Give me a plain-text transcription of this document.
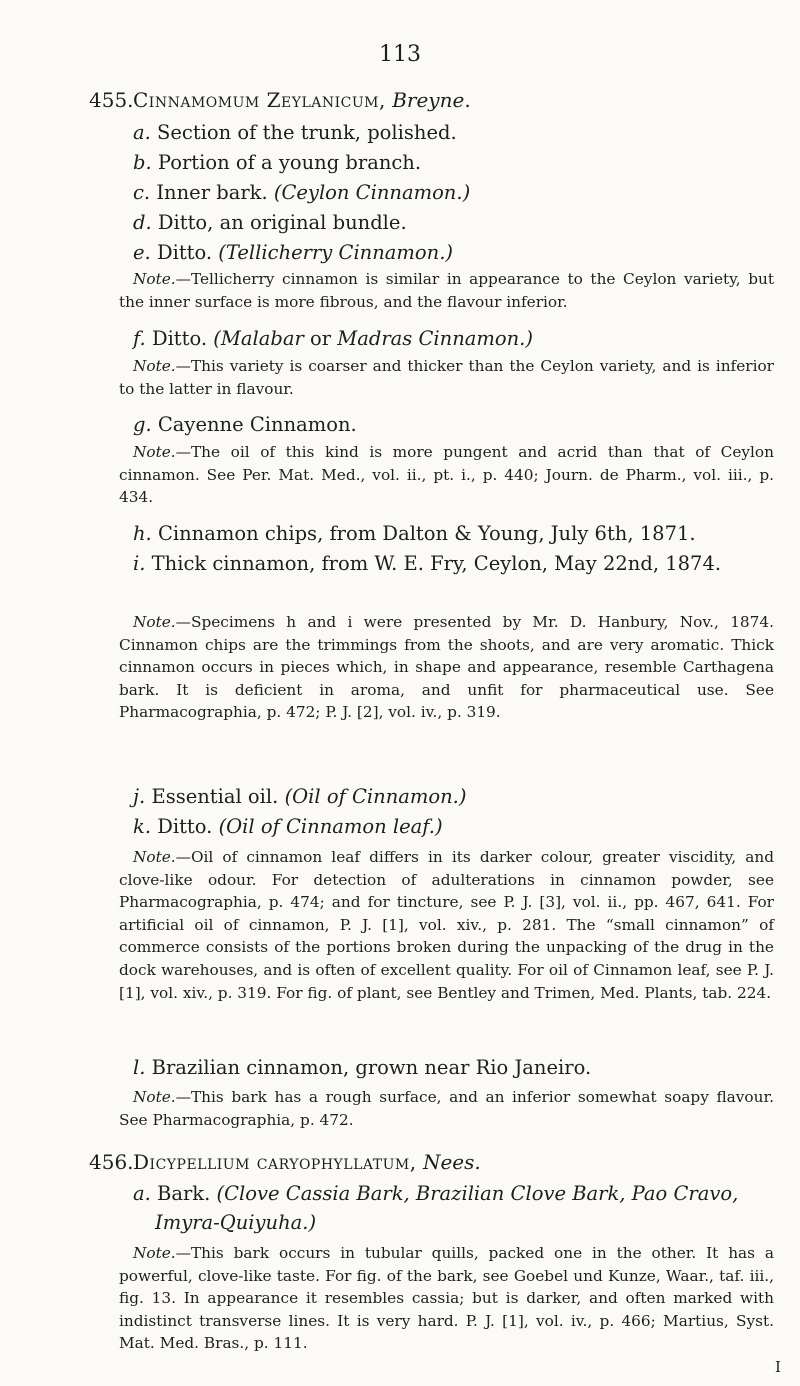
113
455.Cinnamomum Zeylanicum, Breyne.
a. Section of the trunk, polished.
b. Portion of a young branch.
c. Inner bark. (Ceylon Cinnamon.)
d. Ditto, an original bundle.
e. Ditto. (Tellicherry Cinnamon.)
Note.—Tellicherry cinnamon is similar in appearance to the Ceylon variety, but the inner surface is more fibrous, and the flavour inferior.
f. Ditto. (Malabar or Madras Cinnamon.)
Note.—This variety is coarser and thicker than the Ceylon variety, and is inferior to the latter in flavour.
g. Cayenne Cinnamon.
Note.—The oil of this kind is more pungent and acrid than that of Ceylon cinnamon. See Per. Mat. Med., vol. ii., pt. i., p. 440; Journ. de Pharm., vol. iii., p. 434.
h. Cinnamon chips, from Dalton & Young, July 6th, 1871.
i. Thick cinnamon, from W. E. Fry, Ceylon, May 22nd, 1874.
Note.—Specimens h and i were presented by Mr. D. Hanbury, Nov., 1874. Cinnamon chips are the trimmings from the shoots, and are very aromatic. Thick cinnamon occurs in pieces which, in shape and appearance, resemble Carthagena bark. It is deficient in aroma, and unfit for pharmaceutical use. See Pharmacographia, p. 472; P. J. [2], vol. iv., p. 319.
j. Essential oil. (Oil of Cinnamon.)
k. Ditto. (Oil of Cinnamon leaf.)
Note.—Oil of cinnamon leaf differs in its darker colour, greater viscidity, and clove-like odour. For detection of adulterations in cinnamon powder, see Pharmacographia, p. 474; and for tincture, see P. J. [3], vol. ii., pp. 467, 641. For artificial oil of cinnamon, P. J. [1], vol. xiv., p. 281. The “small cinnamon” of commerce consists of the portions broken during the unpacking of the drug in the dock warehouses, and is often of excellent quality. For oil of Cinnamon leaf, see P. J. [1], vol. xiv., p. 319. For fig. of plant, see Bentley and Trimen, Med. Plants, tab. 224.
l. Brazilian cinnamon, grown near Rio Janeiro.
Note.—This bark has a rough surface, and an inferior somewhat soapy flavour. See Pharmacographia, p. 472.
456.Dicypellium caryophyllatum, Nees.
a. Bark. (Clove Cassia Bark, Brazilian Clove Bark, Pao Cravo, Imyra-Quiyuha.)
Note.—This bark occurs in tubular quills, packed one in the other. It has a powerful, clove-like taste. For fig. of the bark, see Goebel und Kunze, Waar., taf. iii., fig. 13. In appearance it resembles cassia; but is darker, and often marked with indistinct transverse lines. It is very hard. P. J. [1], vol. iv., p. 466; Martius, Syst. Mat. Med. Bras., p. 111.
I
